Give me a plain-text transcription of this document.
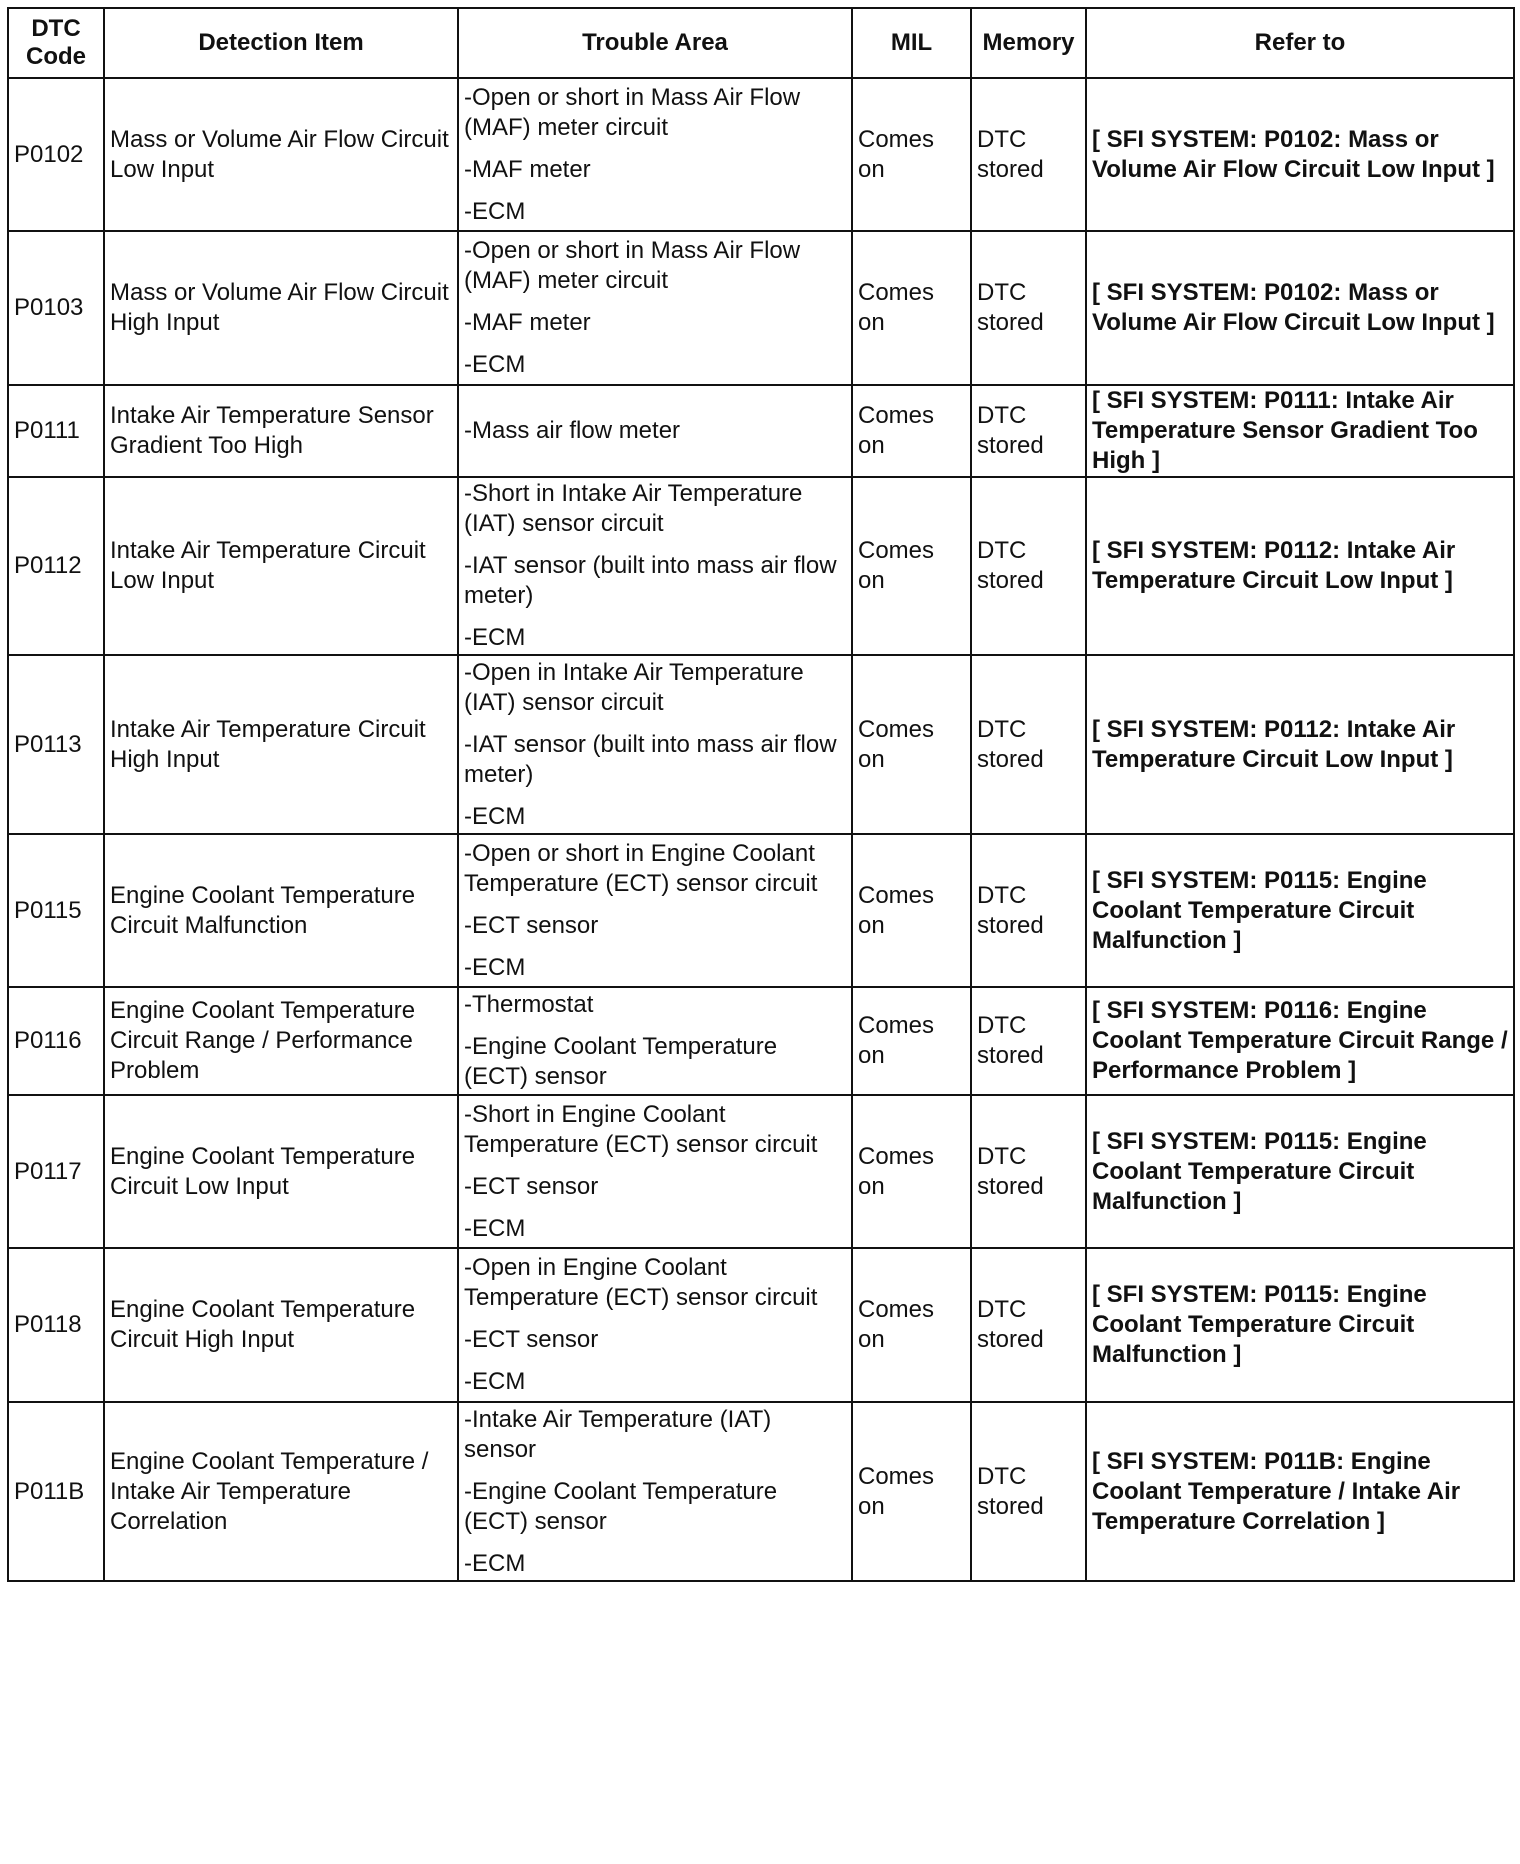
DTC Code	Detection Item	Trouble Area	MIL	Memory	Refer to
P0102	Mass or Volume Air Flow Circuit Low Input	-Open or short in Mass Air Flow (MAF) meter circuit
-MAF meter
-ECM	Comes on	DTC stored	[ SFI SYSTEM: P0102: Mass or Volume Air Flow Circuit Low Input ]
P0103	Mass or Volume Air Flow Circuit High Input	-Open or short in Mass Air Flow (MAF) meter circuit
-MAF meter
-ECM	Comes on	DTC stored	[ SFI SYSTEM: P0102: Mass or Volume Air Flow Circuit Low Input ]
P0111	Intake Air Temperature Sensor Gradient Too High	-Mass air flow meter	Comes on	DTC stored	[ SFI SYSTEM: P0111: Intake Air Temperature Sensor Gradient Too High ]
P0112	Intake Air Temperature Circuit Low Input	-Short in Intake Air Temperature (IAT) sensor circuit
-IAT sensor (built into mass air flow meter)
-ECM	Comes on	DTC stored	[ SFI SYSTEM: P0112: Intake Air Temperature Circuit Low Input ]
P0113	Intake Air Temperature Circuit High Input	-Open in Intake Air Temperature (IAT) sensor circuit
-IAT sensor (built into mass air flow meter)
-ECM	Comes on	DTC stored	[ SFI SYSTEM: P0112: Intake Air Temperature Circuit Low Input ]
P0115	Engine Coolant Temperature Circuit Malfunction	-Open or short in Engine Coolant Temperature (ECT) sensor circuit
-ECT sensor
-ECM	Comes on	DTC stored	[ SFI SYSTEM: P0115: Engine Coolant Temperature Circuit Malfunction ]
P0116	Engine Coolant Temperature Circuit Range / Performance Problem	-Thermostat
-Engine Coolant Temperature (ECT) sensor	Comes on	DTC stored	[ SFI SYSTEM: P0116: Engine Coolant Temperature Circuit Range / Performance Problem ]
P0117	Engine Coolant Temperature Circuit Low Input	-Short in Engine Coolant Temperature (ECT) sensor circuit
-ECT sensor
-ECM	Comes on	DTC stored	[ SFI SYSTEM: P0115: Engine Coolant Temperature Circuit Malfunction ]
P0118	Engine Coolant Temperature Circuit High Input	-Open in Engine Coolant Temperature (ECT) sensor circuit
-ECT sensor
-ECM	Comes on	DTC stored	[ SFI SYSTEM: P0115: Engine Coolant Temperature Circuit Malfunction ]
P011B	Engine Coolant Temperature / Intake Air Temperature Correlation	-Intake Air Temperature (IAT) sensor
-Engine Coolant Temperature (ECT) sensor
-ECM	Comes on	DTC stored	[ SFI SYSTEM: P011B: Engine Coolant Temperature / Intake Air Temperature Correlation ]
